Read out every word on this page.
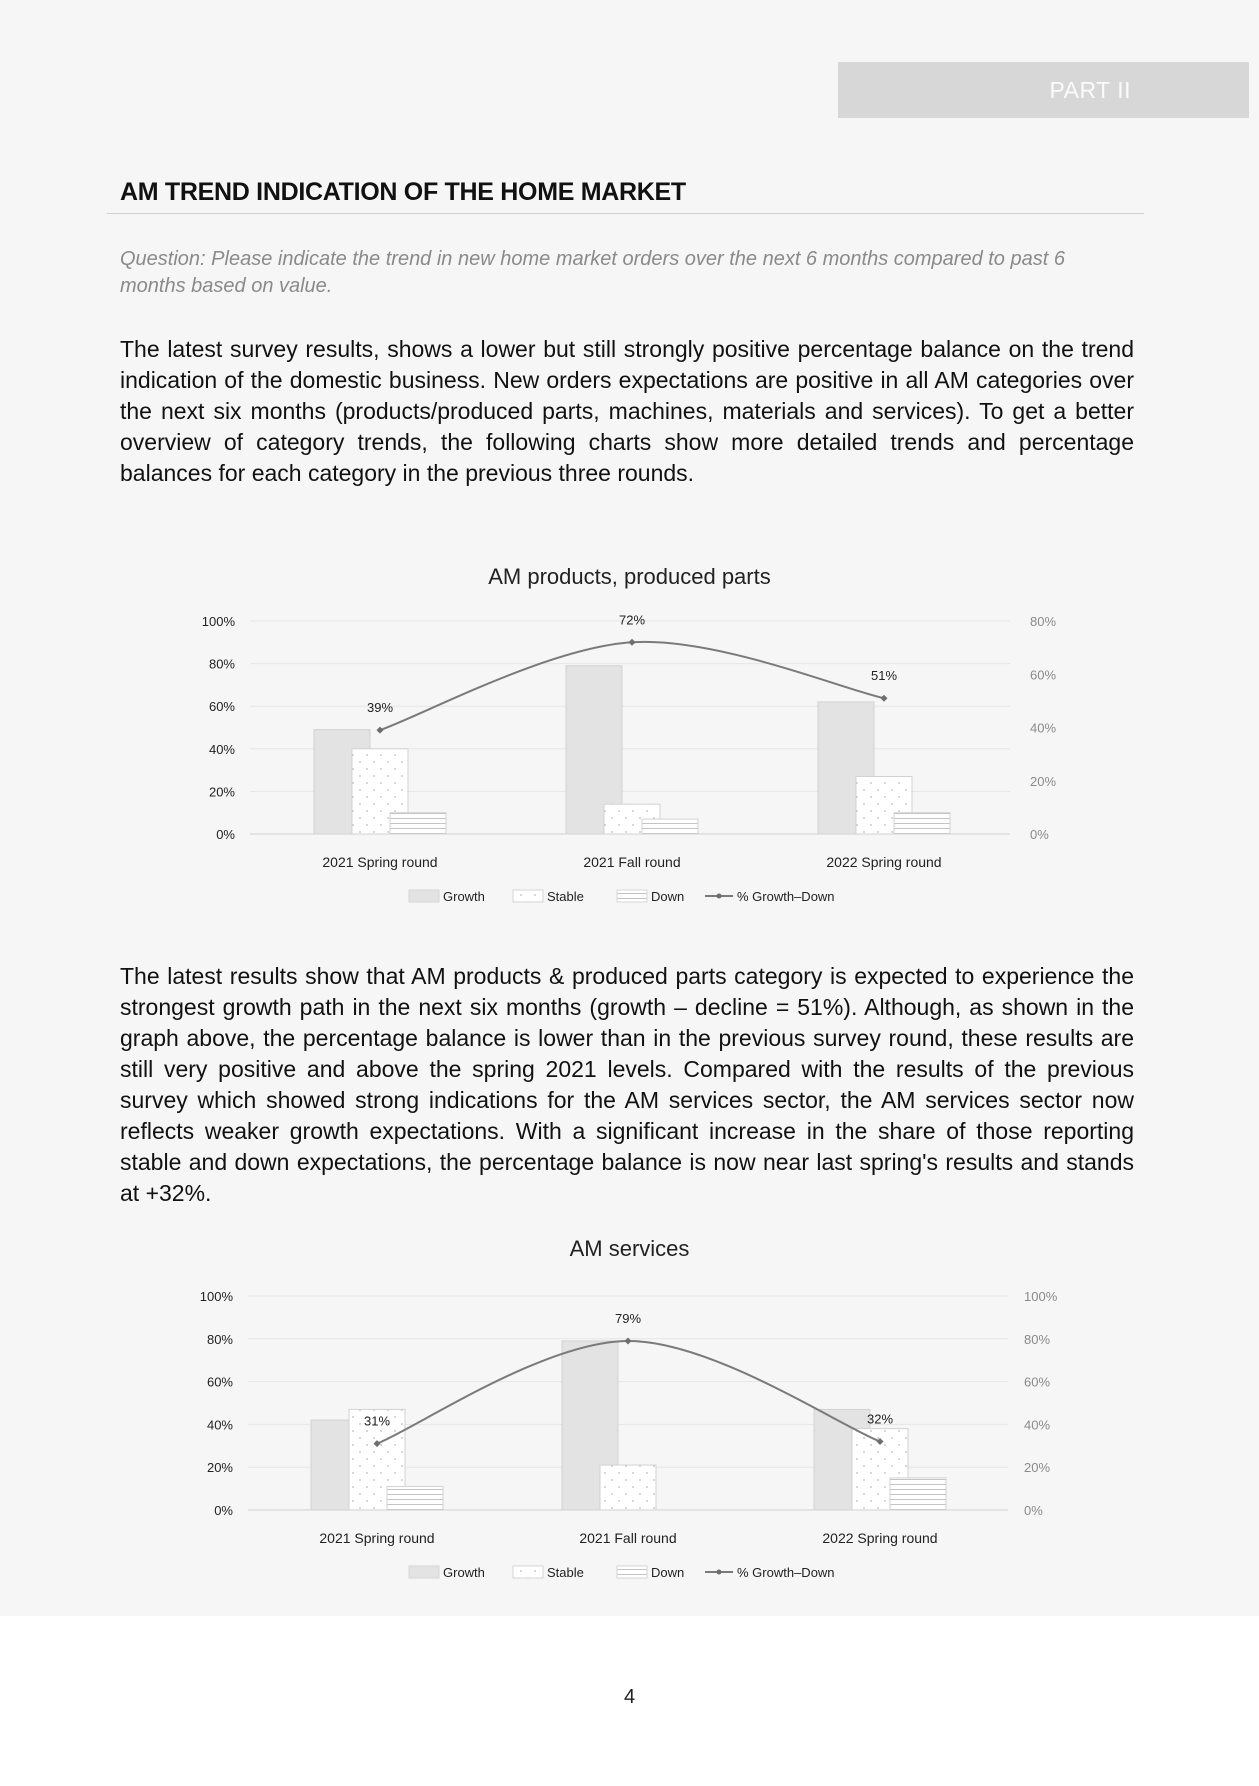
PART II
AM TREND INDICATION OF THE HOME MARKET
Question: Please indicate the trend in new home market orders over the next 6 months compared to past 6 months based on value.
The latest survey results, shows a lower but still strongly positive percentage balance on the trend indication of the domestic business. New orders expectations are positive in all AM categories over the next six months (products/produced parts, machines, materials and services). To get a better overview of category trends, the following charts show more detailed trends and percentage balances for each category in the previous three rounds.
AM products, produced parts
0%
20%
40%
60%
80%
100%
0%
20%
40%
60%
80%
2021 Spring round	2021 Fall round	2022 Spring round
39%
72%
51%
Growth	Stable	Down	% Growth–Down
The latest results show that AM products & produced parts category is expected to experience the strongest growth path in the next six months (growth – decline = 51%). Although, as shown in the graph above, the percentage balance is lower than in the previous survey round, these results are still very positive and above the spring 2021 levels. Compared with the results of the previous survey which showed strong indications for the AM services sector, the AM services sector now reflects weaker growth expectations. With a significant increase in the share of those reporting stable and down expectations, the percentage balance is now near last spring's results and stands at +32%.
AM services
0%
20%
40%
60%
80%
100%
0%
20%
40%
60%
80%
100%
2021 Spring round	2021 Fall round	2022 Spring round
31%
79%
32%
Growth	Stable	Down	% Growth–Down
4
